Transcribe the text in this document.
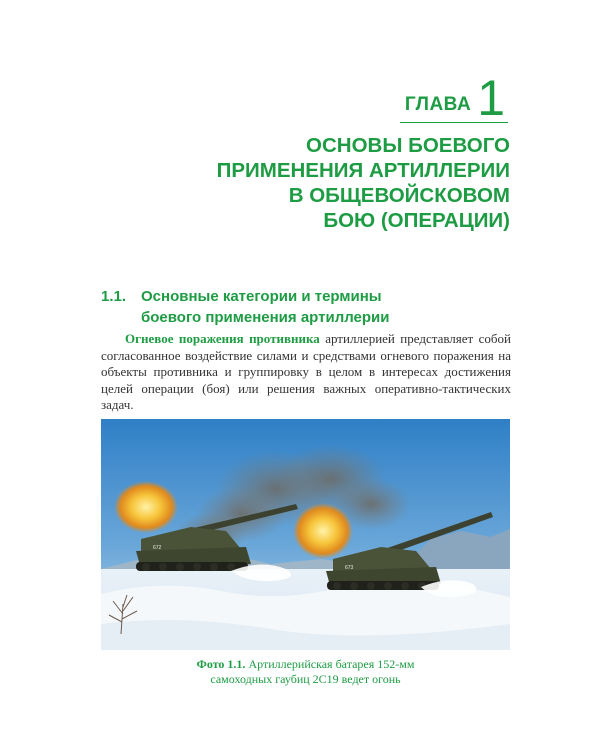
ГЛАВА 1
ОСНОВЫ БОЕВОГО
ПРИМЕНЕНИЯ АРТИЛЛЕРИИ
В ОБЩЕВОЙСКОВОМ
БОЮ (ОПЕРАЦИИ)
1.1. Основные категории и термины
боевого применения артиллерии
Огневое поражения противника артиллерией представляет собой согласованное воздействие силами и средствами огневого поражения на объекты противника и группировку в целом в интересах достижения целей операции (боя) или решения важных оперативно-тактических задач.
672
673
Фото 1.1. Артиллерийская батарея 152-мм
самоходных гаубиц 2С19 ведет огонь
